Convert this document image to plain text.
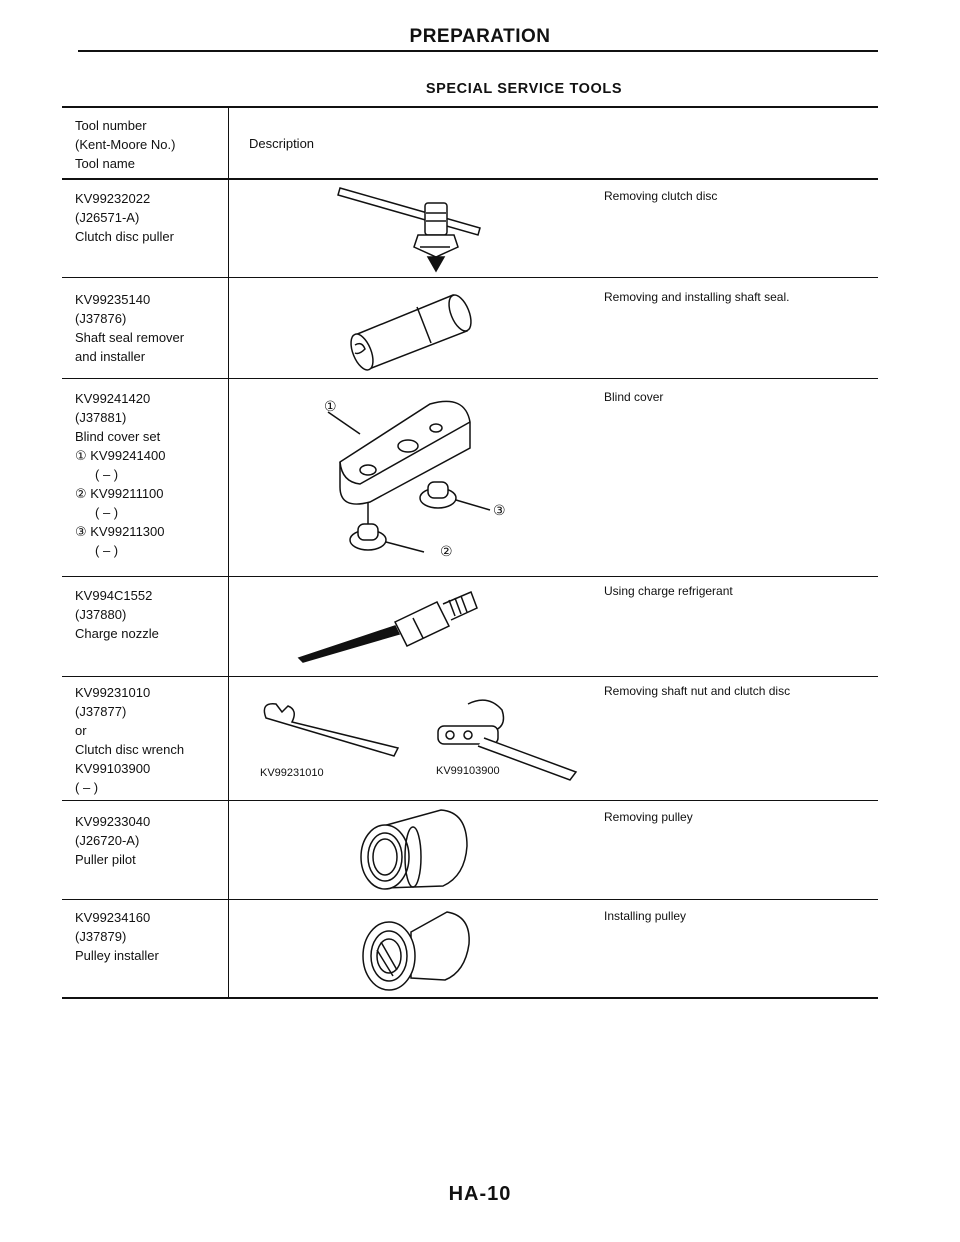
PREPARATION
SPECIAL SERVICE TOOLS
Tool number
(Kent-Moore No.)
Tool name
Description
KV99232022
(J26571-A)
Clutch disc puller
Removing clutch disc
KV99235140
(J37876)
Shaft seal remover
and installer
Removing and installing shaft seal.
KV99241420
(J37881)
Blind cover set
① KV99241400
( – )
② KV99211100
( – )
③ KV99211300
( – )
Blind cover
①
③
②
KV994C1552
(J37880)
Charge nozzle
Using charge refrigerant
KV99231010
(J37877)
or
Clutch disc wrench
KV99103900
( – )
Removing shaft nut and clutch disc
KV99231010	KV99103900
KV99233040
(J26720-A)
Puller pilot
Removing pulley
KV99234160
(J37879)
Pulley installer
Installing pulley
HA-10
